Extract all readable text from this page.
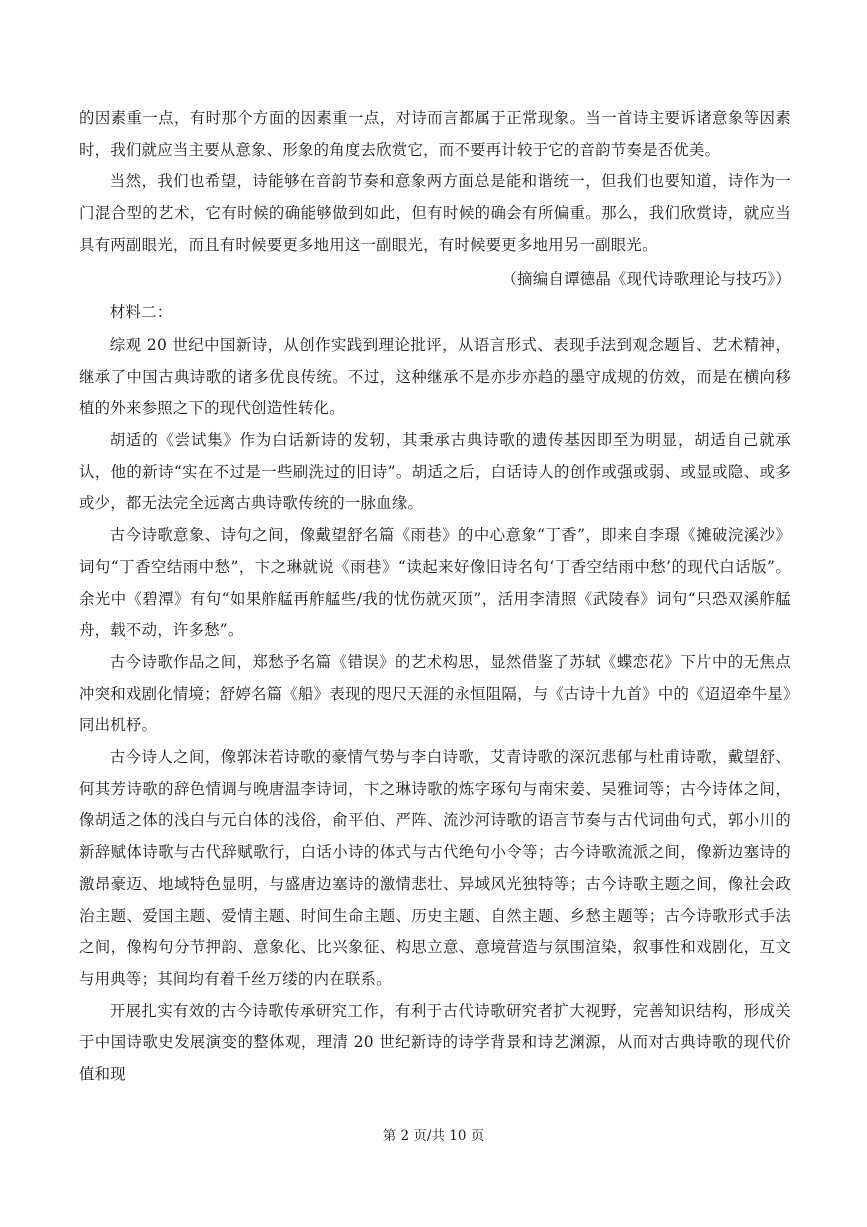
的因素重一点，有时那个方面的因素重一点，对诗而言都属于正常现象。当一首诗主要诉诸意象等因素时，我们就应当主要从意象、形象的角度去欣赏它，而不要再计较于它的音韵节奏是否优美。

当然，我们也希望，诗能够在音韵节奏和意象两方面总是能和谐统一，但我们也要知道，诗作为一门混合型的艺术，它有时候的确能够做到如此，但有时候的确会有所偏重。那么，我们欣赏诗，就应当具有两副眼光，而且有时候要更多地用这一副眼光，有时候要更多地用另一副眼光。

（摘编自谭德晶《现代诗歌理论与技巧》）

材料二：

综观 20 世纪中国新诗，从创作实践到理论批评，从语言形式、表现手法到观念题旨、艺术精神，继承了中国古典诗歌的诸多优良传统。不过，这种继承不是亦步亦趋的墨守成规的仿效，而是在横向移植的外来参照之下的现代创造性转化。

胡适的《尝试集》作为白话新诗的发轫，其秉承古典诗歌的遗传基因即至为明显，胡适自己就承认，他的新诗“实在不过是一些刷洗过的旧诗”。胡适之后，白话诗人的创作或强或弱、或显或隐、或多或少，都无法完全远离古典诗歌传统的一脉血缘。

古今诗歌意象、诗句之间，像戴望舒名篇《雨巷》的中心意象“丁香”，即来自李璟《摊破浣溪沙》词句“丁香空结雨中愁”，卞之琳就说《雨巷》“读起来好像旧诗名句‘丁香空结雨中愁’的现代白话版”。余光中《碧潭》有句“如果舴艋再舴艋些/我的忧伤就灭顶”，活用李清照《武陵春》词句“只恐双溪舴艋舟，载不动，许多愁”。

古今诗歌作品之间，郑愁予名篇《错误》的艺术构思，显然借鉴了苏轼《蝶恋花》下片中的无焦点冲突和戏剧化情境；舒婷名篇《船》表现的咫尺天涯的永恒阻隔，与《古诗十九首》中的《迢迢牵牛星》同出机杼。

古今诗人之间，像郭沫若诗歌的豪情气势与李白诗歌，艾青诗歌的深沉悲郁与杜甫诗歌，戴望舒、何其芳诗歌的辞色情调与晚唐温李诗词，卞之琳诗歌的炼字琢句与南宋姜、吴雅词等；古今诗体之间，像胡适之体的浅白与元白体的浅俗，俞平伯、严阵、流沙河诗歌的语言节奏与古代词曲句式，郭小川的新辞赋体诗歌与古代辞赋歌行，白话小诗的体式与古代绝句小令等；古今诗歌流派之间，像新边塞诗的激昂豪迈、地域特色显明，与盛唐边塞诗的激情悲壮、异域风光独特等；古今诗歌主题之间，像社会政治主题、爱国主题、爱情主题、时间生命主题、历史主题、自然主题、乡愁主题等；古今诗歌形式手法之间，像构句分节押韵、意象化、比兴象征、构思立意、意境营造与氛围渲染，叙事性和戏剧化，互文与用典等；其间均有着千丝万缕的内在联系。

开展扎实有效的古今诗歌传承研究工作，有利于古代诗歌研究者扩大视野，完善知识结构，形成关于中国诗歌史发展演变的整体观，理清 20 世纪新诗的诗学背景和诗艺渊源，从而对古典诗歌的现代价值和现

第 2 页/共 10 页
